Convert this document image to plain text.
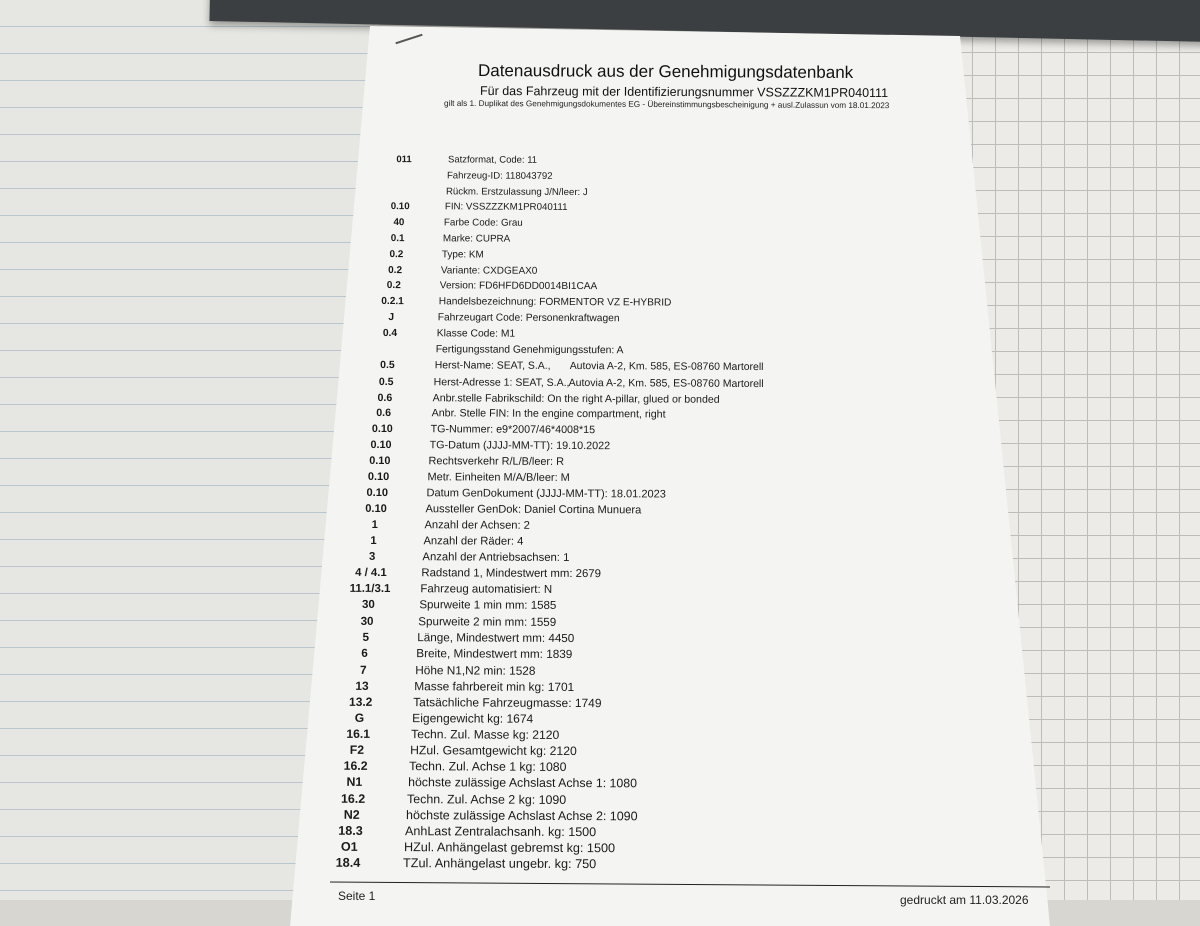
Datenausdruck aus der Genehmigungsdatenbank
Für das Fahrzeug mit der Identifizierungsnummer VSSZZZKM1PR040111
gilt als 1. Duplikat des Genehmigungsdokumentes EG - Übereinstimmungsbescheinigung + ausl.Zulassun vom 18.01.2023
011	Satzformat, Code: 11
Fahrzeug-ID: 118043792
Rückm. Erstzulassung J/N/leer: J
0.10	FIN: VSSZZZKM1PR040111
40	Farbe Code: Grau
0.1	Marke: CUPRA
0.2	Type: KM
0.2	Variante: CXDGEAX0
0.2	Version: FD6HFD6DD0014BI1CAA
0.2.1	Handelsbezeichnung: FORMENTOR VZ E-HYBRID
J	Fahrzeugart Code: Personenkraftwagen
0.4	Klasse Code: M1
Fertigungsstand Genehmigungsstufen: A
0.5	Herst-Name: SEAT, S.A., Autovia A-2, Km. 585, ES-08760 Martorell
0.5	Herst-Adresse 1: SEAT, S.A., Autovia A-2, Km. 585, ES-08760 Martorell
0.6	Anbr.stelle Fabrikschild: On the right A-pillar, glued or bonded
0.6	Anbr. Stelle FIN: In the engine compartment, right
0.10	TG-Nummer: e9*2007/46*4008*15
0.10	TG-Datum (JJJJ-MM-TT): 19.10.2022
0.10	Rechtsverkehr R/L/B/leer: R
0.10	Metr. Einheiten M/A/B/leer: M
0.10	Datum GenDokument (JJJJ-MM-TT): 18.01.2023
0.10	Aussteller GenDok: Daniel Cortina Munuera
1	Anzahl der Achsen: 2
1	Anzahl der Räder: 4
3	Anzahl der Antriebsachsen: 1
4 / 4.1	Radstand 1, Mindestwert mm: 2679
11.1/3.1	Fahrzeug automatisiert: N
30	Spurweite 1 min mm: 1585
30	Spurweite 2 min mm: 1559
5	Länge, Mindestwert mm: 4450
6	Breite, Mindestwert mm: 1839
7	Höhe N1,N2 min: 1528
13	Masse fahrbereit min kg: 1701
13.2	Tatsächliche Fahrzeugmasse: 1749
G	Eigengewicht kg: 1674
16.1	Techn. Zul. Masse kg: 2120
F2	HZul. Gesamtgewicht kg: 2120
16.2	Techn. Zul. Achse 1 kg: 1080
N1	höchste zulässige Achslast Achse 1: 1080
16.2	Techn. Zul. Achse 2 kg: 1090
N2	höchste zulässige Achslast Achse 2: 1090
18.3	AnhLast Zentralachsanh. kg: 1500
O1	HZul. Anhängelast gebremst kg: 1500
18.4	TZul. Anhängelast ungebr. kg: 750
Seite 1	gedruckt am 11.03.2026
